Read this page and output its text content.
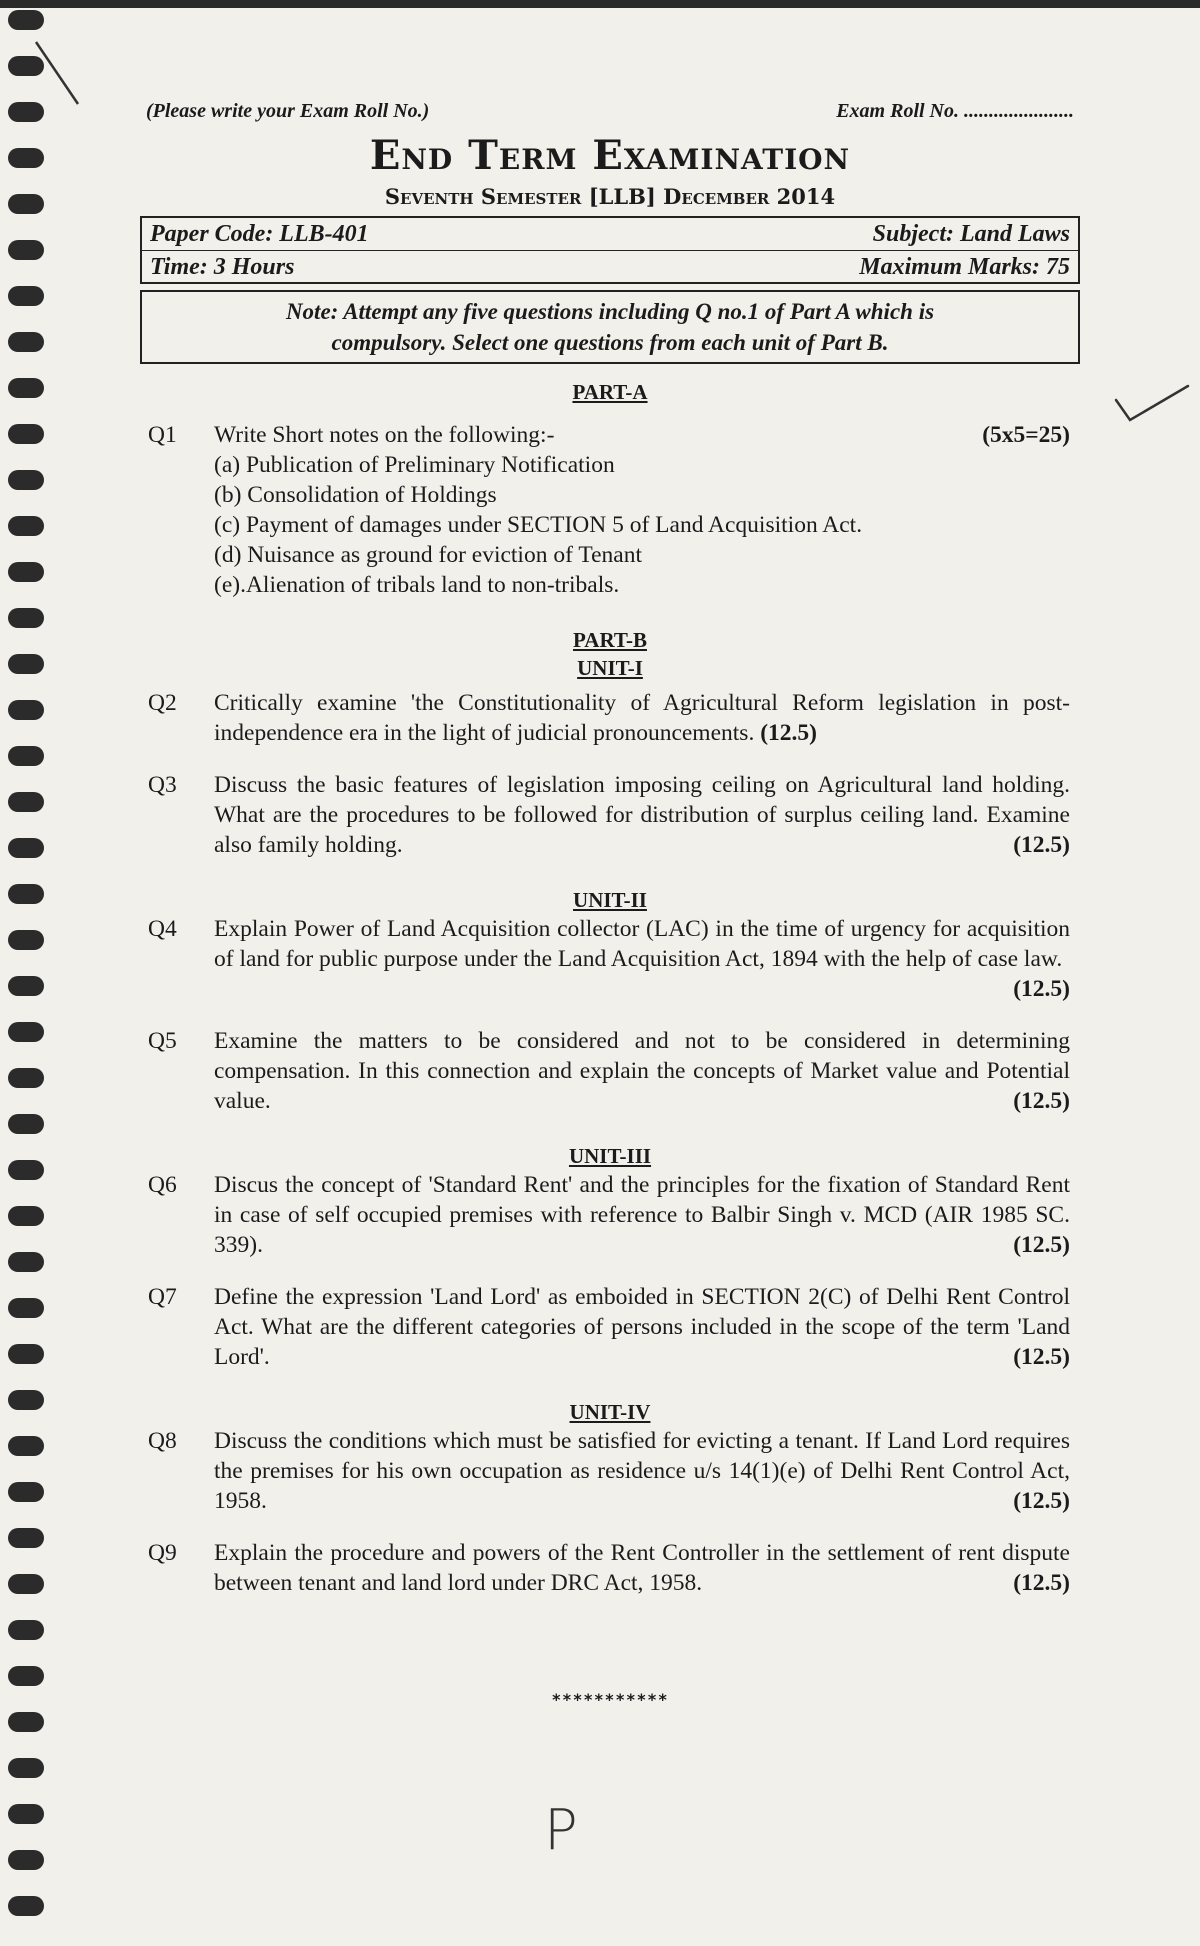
(Please write your Exam Roll No.)	Exam Roll No. ......................
End Term Examination
Seventh Semester [LLB] December 2014
Paper Code: LLB-401	Subject: Land Laws
Time: 3 Hours	Maximum Marks: 75
Note: Attempt any five questions including Q no.1 of Part A which is
compulsory. Select one questions from each unit of Part B.
PART-A
Q1	Write Short notes on the following:-	(5x5=25)
(a) Publication of Preliminary Notification
(b) Consolidation of Holdings
(c) Payment of damages under SECTION 5 of Land Acquisition Act.
(d) Nuisance as ground for eviction of Tenant
(e).Alienation of tribals land to non-tribals.
PART-B
UNIT-I
Q2	Critically examine 'the Constitutionality of Agricultural Reform legislation in post-independence era in the light of judicial pronouncements. (12.5)
Q3	Discuss the basic features of legislation imposing ceiling on Agricultural land holding. What are the procedures to be followed for distribution of surplus ceiling land. Examine also family holding.	(12.5)
UNIT-II
Q4	Explain Power of Land Acquisition collector (LAC) in the time of urgency for acquisition of land for public purpose under the Land Acquisition Act, 1894 with the help of case law.
(12.5)
Q5	Examine the matters to be considered and not to be considered in determining compensation. In this connection and explain the concepts of Market value and Potential value.	(12.5)
UNIT-III
Q6	Discus the concept of 'Standard Rent' and the principles for the fixation of Standard Rent in case of self occupied premises with reference to Balbir Singh v. MCD (AIR 1985 SC. 339).	(12.5)
Q7	Define the expression 'Land Lord' as emboided in SECTION 2(C) of Delhi Rent Control Act. What are the different categories of persons included in the scope of the term 'Land Lord'.	(12.5)
UNIT-IV
Q8	Discuss the conditions which must be satisfied for evicting a tenant. If Land Lord requires the premises for his own occupation as residence u/s 14(1)(e) of Delhi Rent Control Act, 1958.	(12.5)
Q9	Explain the procedure and powers of the Rent Controller in the settlement of rent dispute between tenant and land lord under DRC Act, 1958.	(12.5)
***********
P
